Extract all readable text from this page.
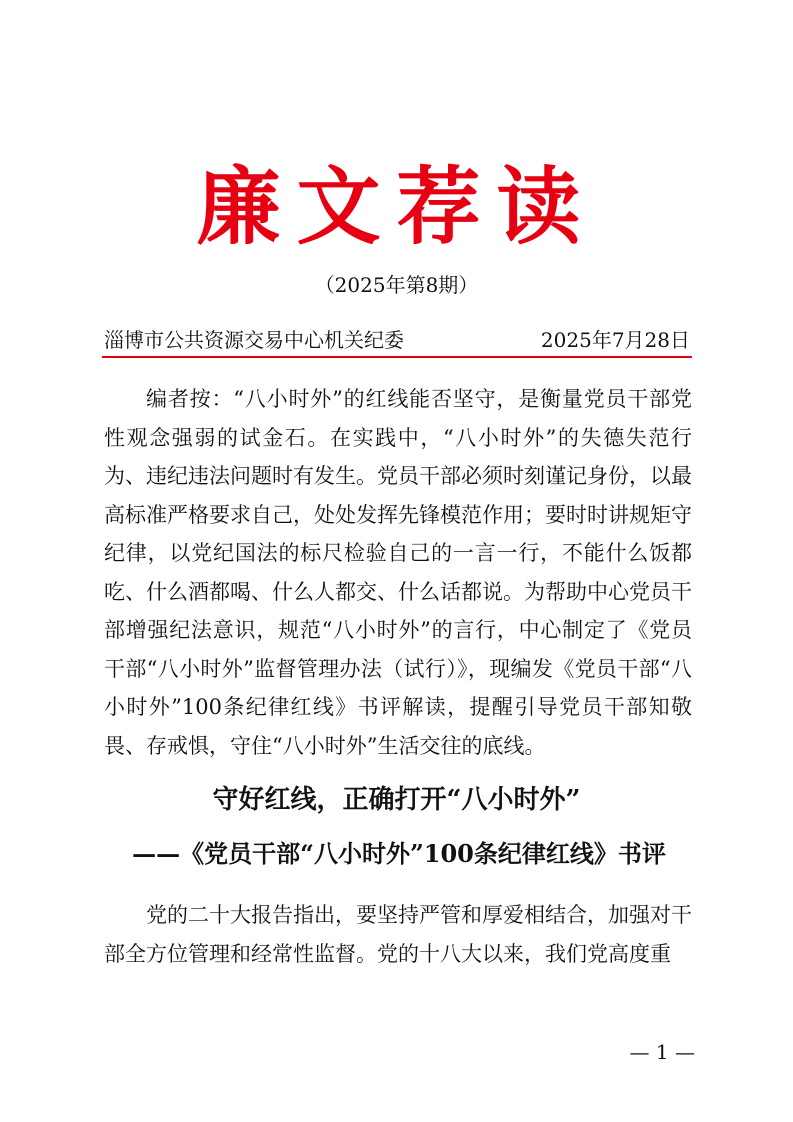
廉文荐读
（2025年第8期）
淄博市公共资源交易中心机关纪委	2025年7月28日

编者按：“八小时外”的红线能否坚守，是衡量党员干部党性观念强弱的试金石。在实践中，“八小时外”的失德失范行为、违纪违法问题时有发生。党员干部必须时刻谨记身份，以最高标准严格要求自己，处处发挥先锋模范作用；要时时讲规矩守纪律，以党纪国法的标尺检验自己的一言一行，不能什么饭都吃、什么酒都喝、什么人都交、什么话都说。为帮助中心党员干部增强纪法意识，规范“八小时外”的言行，中心制定了《党员干部“八小时外”监督管理办法（试行）》，现编发《党员干部“八小时外”100条纪律红线》书评解读，提醒引导党员干部知敬畏、存戒惧，守住“八小时外”生活交往的底线。

守好红线，正确打开“八小时外”
——《党员干部“八小时外”100条纪律红线》书评

党的二十大报告指出，要坚持严管和厚爱相结合，加强对干部全方位管理和经常性监督。党的十八大以来，我们党高度重

— 1 —
